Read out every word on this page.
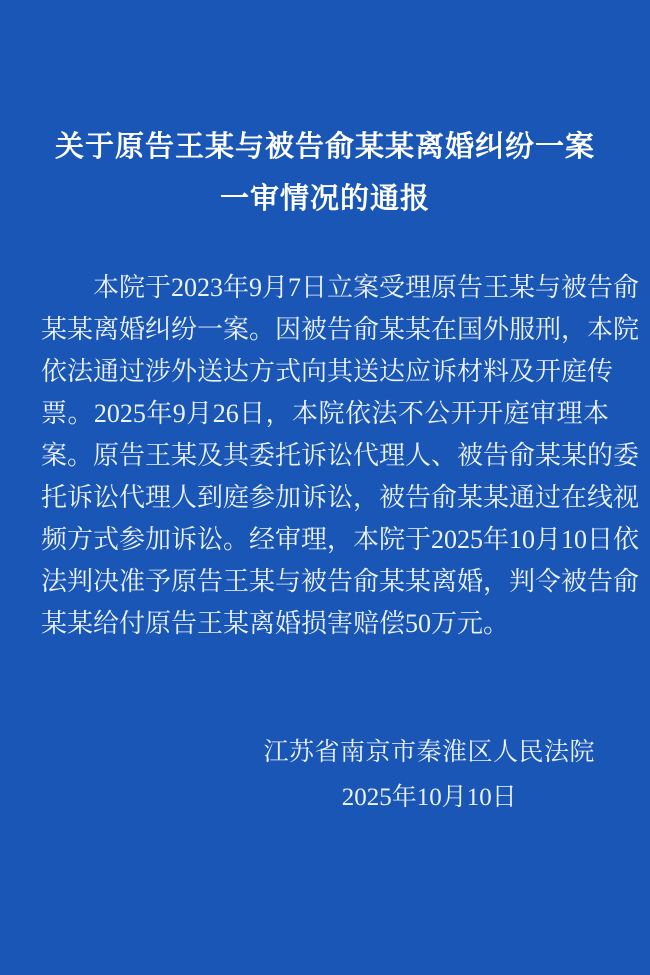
关于原告王某与被告俞某某离婚纠纷一案
一审情况的通报
本院于2023年9月7日立案受理原告王某与被告俞
某某离婚纠纷一案。因被告俞某某在国外服刑，本院
依法通过涉外送达方式向其送达应诉材料及开庭传
票。2025年9月26日，本院依法不公开开庭审理本
案。原告王某及其委托诉讼代理人、被告俞某某的委
托诉讼代理人到庭参加诉讼，被告俞某某通过在线视
频方式参加诉讼。经审理，本院于2025年10月10日依
法判决准予原告王某与被告俞某某离婚，判令被告俞
某某给付原告王某离婚损害赔偿50万元。
江苏省南京市秦淮区人民法院
2025年10月10日
